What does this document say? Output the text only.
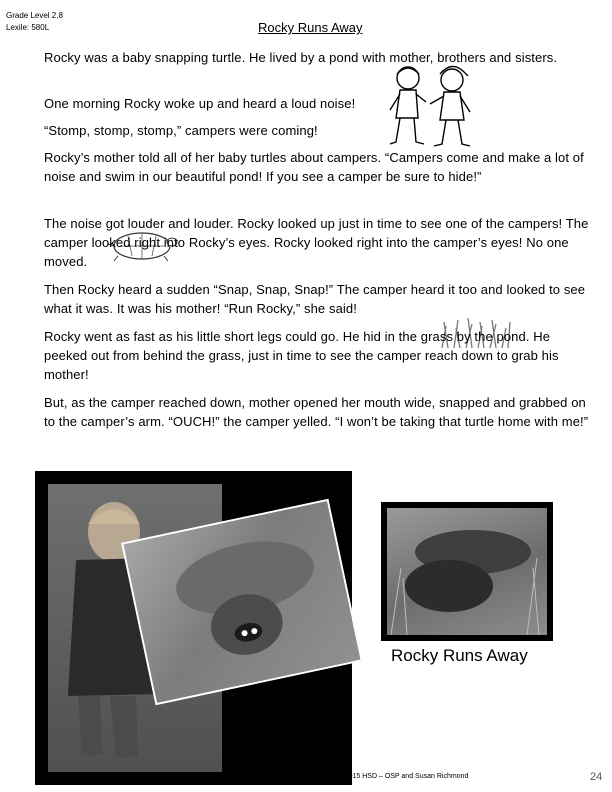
Grade Level 2.8
Lexile: 580L	Rocky Runs Away

Rocky was a baby snapping turtle. He lived by a pond with mother, brothers and sisters.

One morning Rocky woke up and heard a loud noise!

“Stomp, stomp, stomp,” campers were coming!

Rocky’s mother told all of her baby turtles about campers. “Campers come and make a lot of noise and swim in our beautiful pond! If you see a camper be sure to hide!”

The noise got louder and louder. Rocky looked up just in time to see one of the campers! The camper looked right into Rocky’s eyes. Rocky looked right into the camper’s eyes! No one moved.

Then Rocky heard a sudden “Snap, Snap, Snap!” The camper heard it too and looked to see what it was. It was his mother! “Run Rocky,” she said!

Rocky went as fast as his little short legs could go. He hid in the grass by the pond. He peeked out from behind the grass, just in time to see the camper reach down to grab his mother!

But, as the camper reached down, mother opened her mouth wide, snapped and grabbed on to the camper’s arm. “OUCH!” the camper yelled. “I won’t be taking that turtle home with me!”

Rocky Runs Away
Rev. Control: 07/02/2015 HSD – OSP and Susan Richmond	24
